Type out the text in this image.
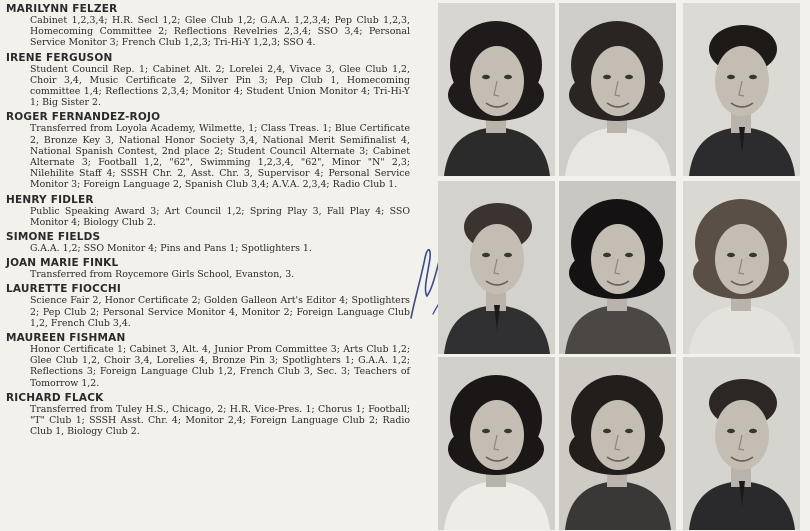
MARILYNN FELZER
Cabinet 1,2,3,4; H.R. Secl 1,2; Glee Club 1,2; G.A.A. 1,2,3,4; Pep Club 1,2,3, Homecoming Committee 2; Reflections Revelries 2,3,4; SSO 3,4; Personal Service Monitor 3; French Club 1,2,3; Tri-Hi-Y 1,2,3; SSO 4.
IRENE FERGUSON
Student Council Rep. 1; Cabinet Alt. 2; Lorelei 2,4, Vivace 3, Glee Club 1,2, Choir 3,4, Music Certificate 2, Silver Pin 3; Pep Club 1, Homecoming committee 1,4; Reflections 2,3,4; Monitor 4; Student Union Monitor 4; Tri-Hi-Y 1; Big Sister 2.
ROGER FERNANDEZ-ROJO
Transferred from Loyola Academy, Wilmette, 1; Class Treas. 1; Blue Certificate 2, Bronze Key 3, National Honor Society 3,4, National Merit Semifinalist 4, National Spanish Contest, 2nd place 2; Student Council Alternate 3; Cabinet Alternate 3; Football 1,2, "62", Swimming 1,2,3,4, "62", Minor "N" 2,3; Nilehilite Staff 4; SSSH Chr. 2, Asst. Chr. 3, Supervisor 4; Personal Service Monitor 3; Foreign Language 2, Spanish Club 3,4; A.V.A. 2,3,4; Radio Club 1.
HENRY FIDLER
Public Speaking Award 3; Art Council 1,2; Spring Play 3, Fall Play 4; SSO Monitor 4; Biology Club 2.
SIMONE FIELDS
G.A.A. 1,2; SSO Monitor 4; Pins and Pans 1; Spotlighters 1.
JOAN MARIE FINKL
Transferred from Roycemore Girls School, Evanston, 3.
LAURETTE FIOCCHI
Science Fair 2, Honor Certificate 2; Golden Galleon Art's Editor 4; Spotlighters 2; Pep Club 2; Personal Service Monitor 4, Monitor 2; Foreign Language Club 1,2, French Club 3,4.
MAUREEN FISHMAN
Honor Certificate 1; Cabinet 3, Alt. 4, Junior Prom Committee 3; Arts Club 1,2; Glee Club 1,2, Choir 3,4, Lorelies 4, Bronze Pin 3; Spotlighters 1; G.A.A. 1,2; Reflections 3; Foreign Language Club 1,2, French Club 3, Sec. 3; Teachers of Tomorrow 1,2.
RICHARD FLACK
Transferred from Tuley H.S., Chicago, 2; H.R. Vice-Pres. 1; Chorus 1; Football; "T" Club 1; SSSH Asst. Chr. 4; Monitor 2,4; Foreign Language Club 2; Radio Club 1, Biology Club 2.
